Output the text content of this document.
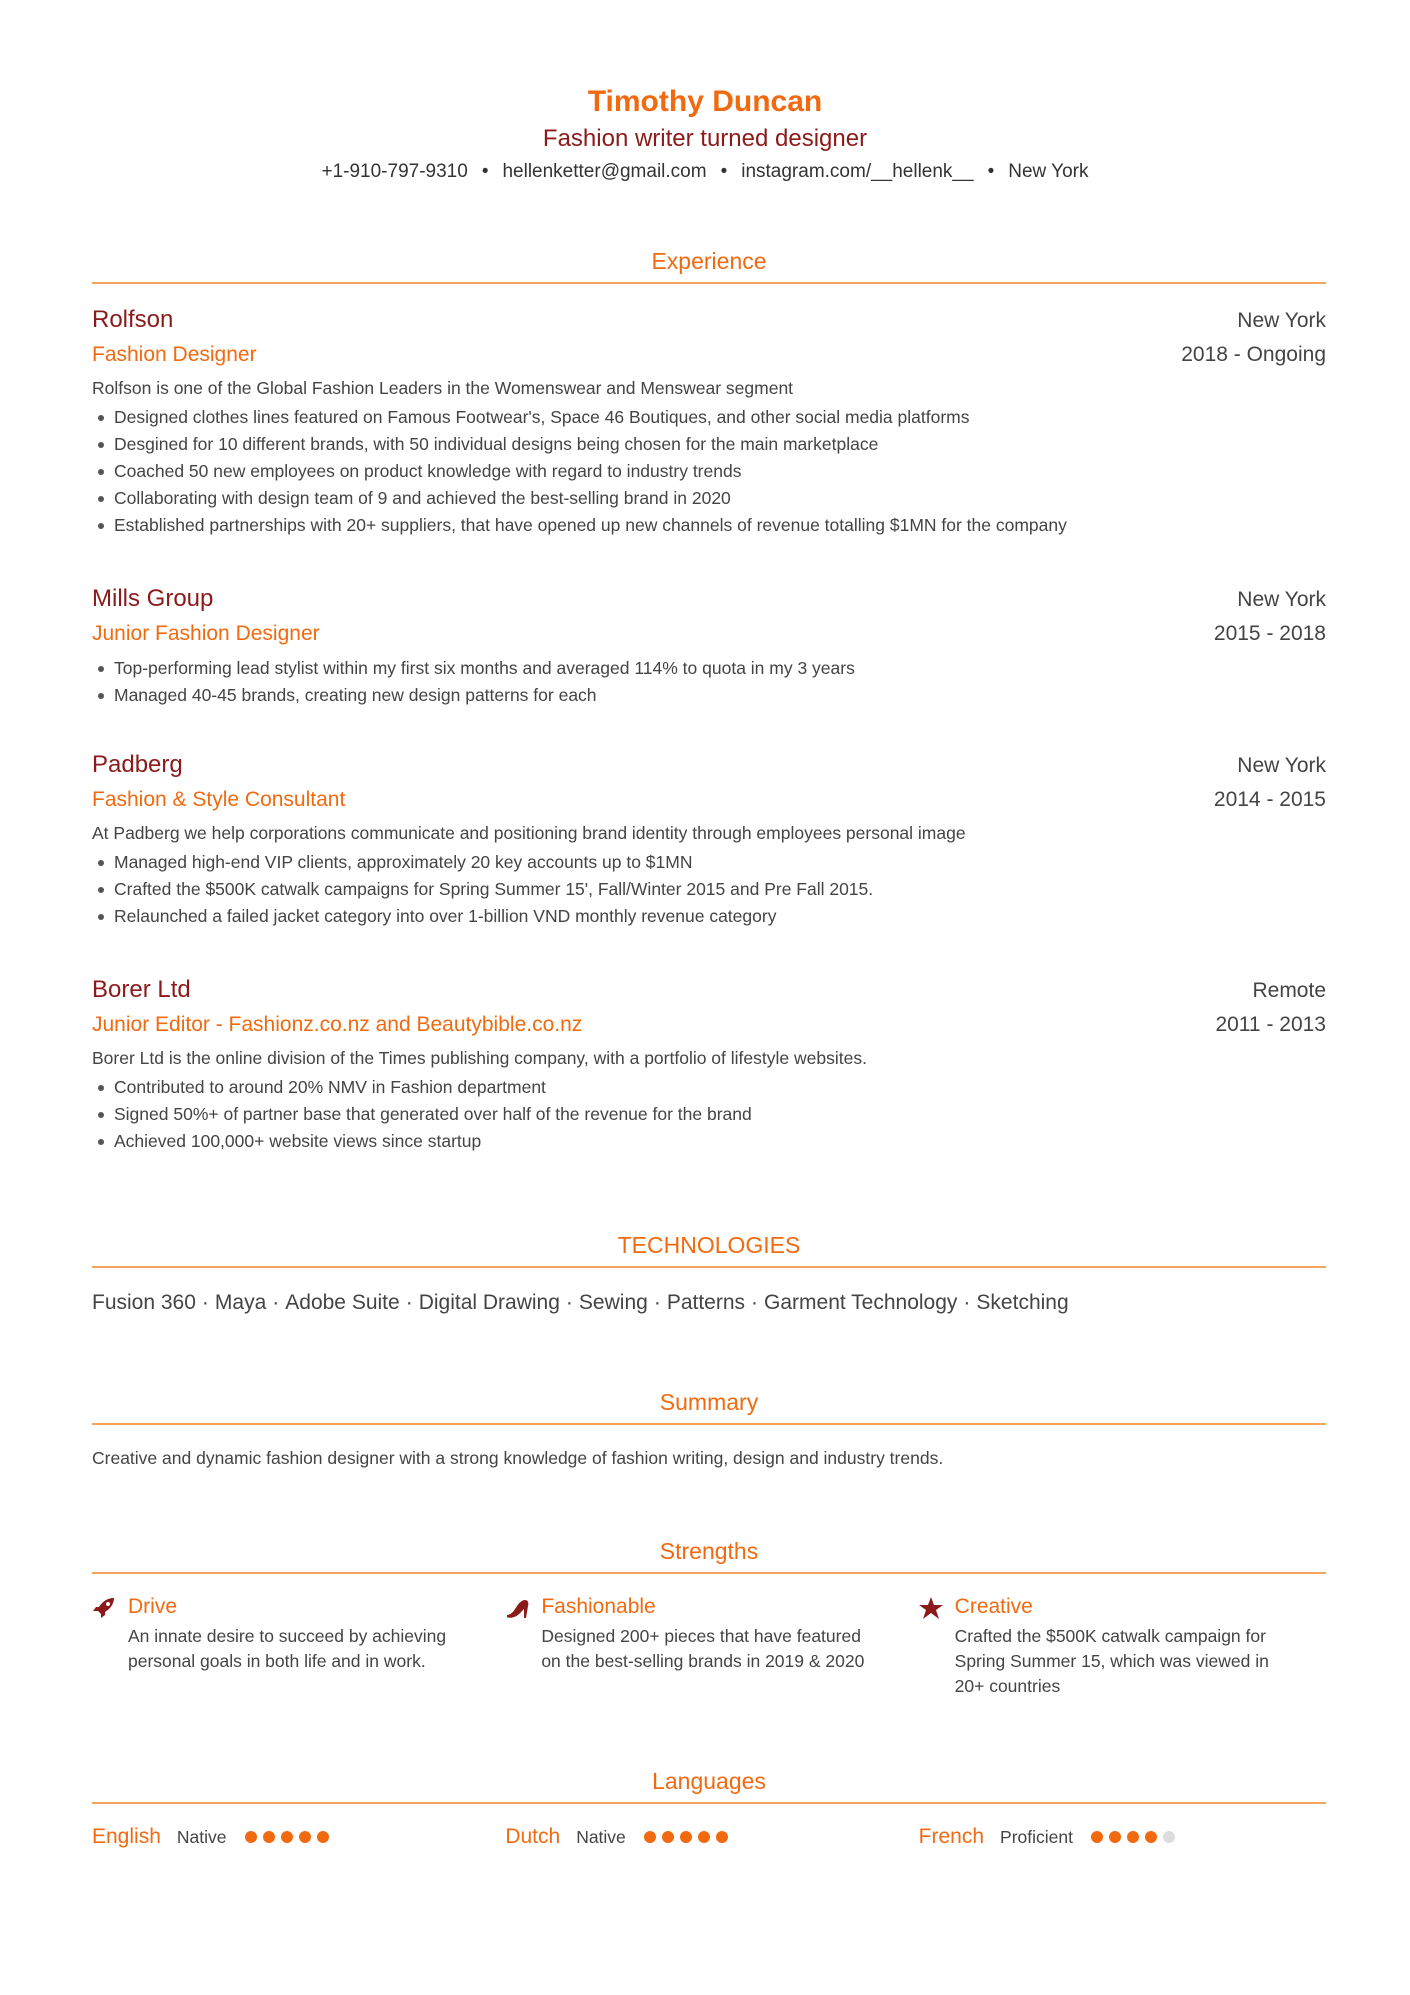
Timothy Duncan
Fashion writer turned designer
+1-910-797-9310 • hellenketter@gmail.com • instagram.com/__hellenk__ • New York
Experience
Rolfson	New York
Fashion Designer	2018 - Ongoing
Rolfson is one of the Global Fashion Leaders in the Womenswear and Menswear segment
Designed clothes lines featured on Famous Footwear's, Space 46 Boutiques, and other social media platforms
Desgined for 10 different brands, with 50 individual designs being chosen for the main marketplace
Coached 50 new employees on product knowledge with regard to industry trends
Collaborating with design team of 9 and achieved the best-selling brand in 2020
Established partnerships with 20+ suppliers, that have opened up new channels of revenue totalling $1MN for the company
Mills Group	New York
Junior Fashion Designer	2015 - 2018
Top-performing lead stylist within my first six months and averaged 114% to quota in my 3 years
Managed 40-45 brands, creating new design patterns for each
Padberg	New York
Fashion & Style Consultant	2014 - 2015
At Padberg we help corporations communicate and positioning brand identity through employees personal image
Managed high-end VIP clients, approximately 20 key accounts up to $1MN
Crafted the $500K catwalk campaigns for Spring Summer 15', Fall/Winter 2015 and Pre Fall 2015.
Relaunched a failed jacket category into over 1-billion VND monthly revenue category
Borer Ltd	Remote
Junior Editor - Fashionz.co.nz and Beautybible.co.nz	2011 - 2013
Borer Ltd is the online division of the Times publishing company, with a portfolio of lifestyle websites.
Contributed to around 20% NMV in Fashion department
Signed 50%+ of partner base that generated over half of the revenue for the brand
Achieved 100,000+ website views since startup
TECHNOLOGIES
Fusion 360 · Maya · Adobe Suite · Digital Drawing · Sewing · Patterns · Garment Technology · Sketching
Summary
Creative and dynamic fashion designer with a strong knowledge of fashion writing, design and industry trends.
Strengths
Drive
An innate desire to succeed by achieving personal goals in both life and in work.
Fashionable
Designed 200+ pieces that have featured on the best-selling brands in 2019 & 2020
Creative
Crafted the $500K catwalk campaign for Spring Summer 15, which was viewed in 20+ countries
Languages
English Native	Dutch Native	French Proficient
